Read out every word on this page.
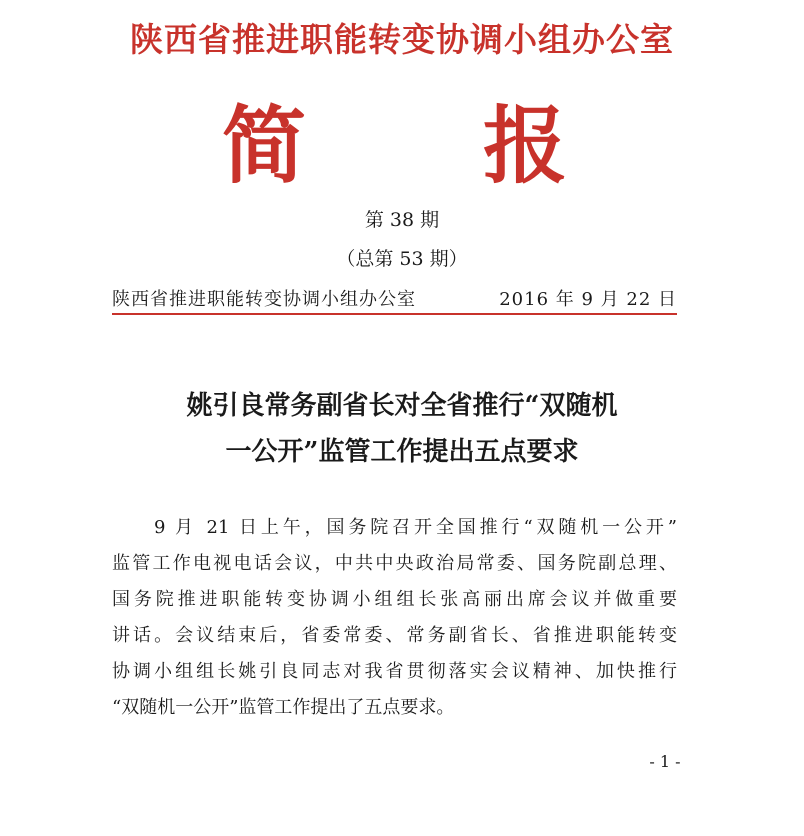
陕西省推进职能转变协调小组办公室
简 报
第 38 期
（总第 53 期）
陕西省推进职能转变协调小组办公室	2016 年 9 月 22 日
姚引良常务副省长对全省推行“双随机
一公开”监管工作提出五点要求
9 月 21 日上午，国务院召开全国推行“双随机一公开”
监管工作电视电话会议，中共中央政治局常委、国务院副总理、
国务院推进职能转变协调小组组长张高丽出席会议并做重要
讲话。会议结束后，省委常委、常务副省长、省推进职能转变
协调小组组长姚引良同志对我省贯彻落实会议精神、加快推行
“双随机一公开”监管工作提出了五点要求。
- 1 -
